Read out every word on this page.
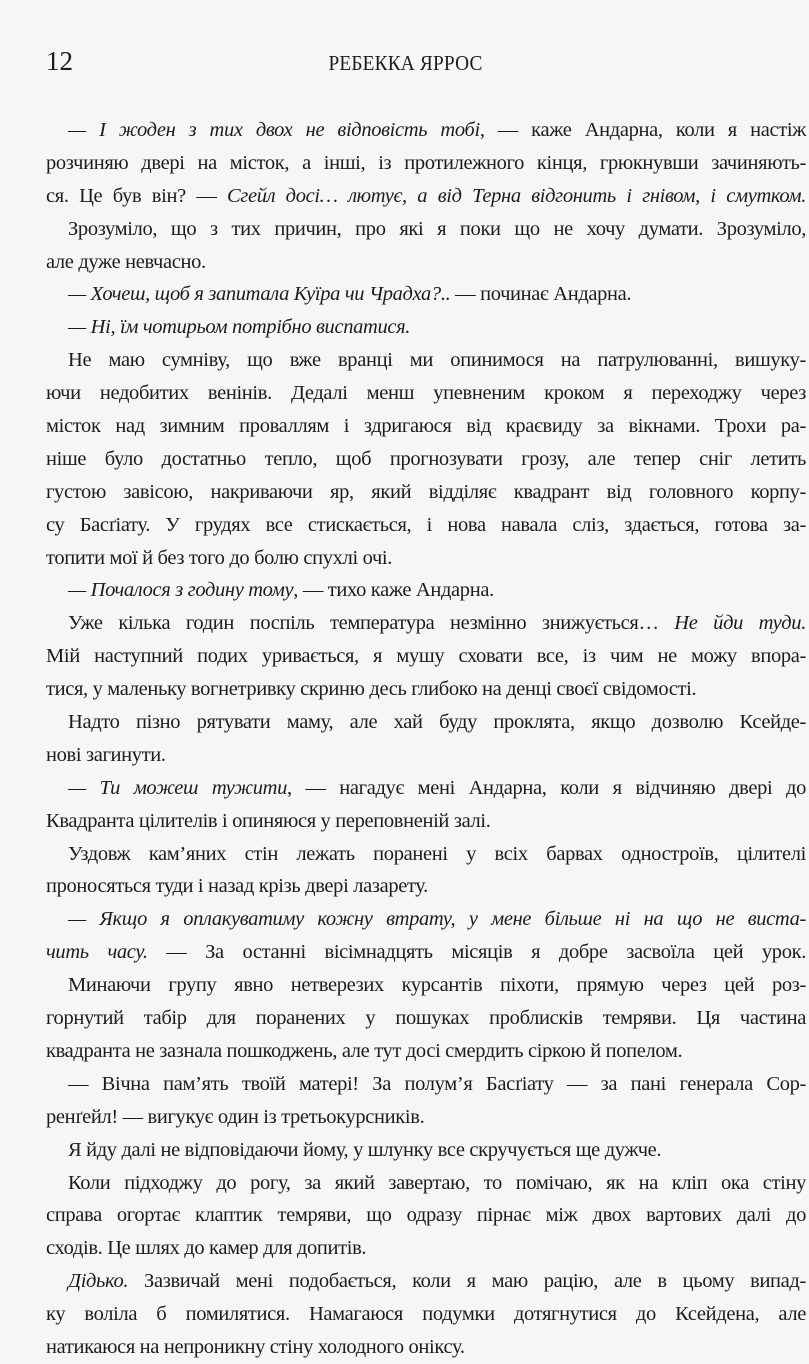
12	РЕБЕККА ЯРРОС
— I жоден з тих двох не відповість тобі, — каже Андарна, коли я настіж
розчиняю двері на місток, а інші, із протилежного кінця, грюкнувши зачиняють-
ся. Це був він? — Сгейл досі… лютує, а від Терна відгонить і гнівом, і смутком.
Зрозуміло, що з тих причин, про які я поки що не хочу думати. Зрозуміло,
але дуже невчасно.
— Хочеш, щоб я запитала Куїра чи Чрадха?.. — починає Андарна.
— Ні, їм чотирьом потрібно виспатися.
Не маю сумніву, що вже вранці ми опинимося на патрулюванні, вишуку-
ючи недобитих венінів. Дедалі менш упевненим кроком я переходжу через
місток над зимним проваллям і здригаюся від краєвиду за вікнами. Трохи ра-
ніше було достатньо тепло, щоб прогнозувати грозу, але тепер сніг летить
густою завісою, накриваючи яр, який відділяє квадрант від головного корпу-
су Басґіату. У грудях все стискається, і нова навала сліз, здається, готова за-
топити мої й без того до болю спухлі очі.
— Почалося з годину тому, — тихо каже Андарна.
Уже кілька годин поспіль температура незмінно знижується… Не йди туди.
Мій наступний подих уривається, я мушу сховати все, із чим не можу впора-
тися, у маленьку вогнетривку скриню десь глибоко на денці своєї свідомості.
Надто пізно рятувати маму, але хай буду проклята, якщо дозволю Ксейде-
нові загинути.
— Ти можеш тужити, — нагадує мені Андарна, коли я відчиняю двері до
Квадранта цілителів і опиняюся у переповненій залі.
Уздовж кам’яних стін лежать поранені у всіх барвах одностроїв, цілителі
проносяться туди і назад крізь двері лазарету.
— Якщо я оплакуватиму кожну втрату, у мене більше ні на що не виста-
чить часу. — За останні вісімнадцять місяців я добре засвоїла цей урок.
Минаючи групу явно нетверезих курсантів піхоти, прямую через цей роз-
горнутий табір для поранених у пошуках проблисків темряви. Ця частина
квадранта не зазнала пошкоджень, але тут досі смердить сіркою й попелом.
— Вічна пам’ять твоїй матері! За полум’я Басґіату — за пані генерала Сор-
ренґейл! — вигукує один із третьокурсників.
Я йду далі не відповідаючи йому, у шлунку все скручується ще дужче.
Коли підходжу до рогу, за який завертаю, то помічаю, як на кліп ока стіну
справа огортає клаптик темряви, що одразу пірнає між двох вартових далі до
сходів. Це шлях до камер для допитів.
Дідько. Зазвичай мені подобається, коли я маю рацію, але в цьому випад-
ку воліла б помилятися. Намагаюся подумки дотягнутися до Ксейдена, але
натикаюся на непроникну стіну холодного оніксу.
